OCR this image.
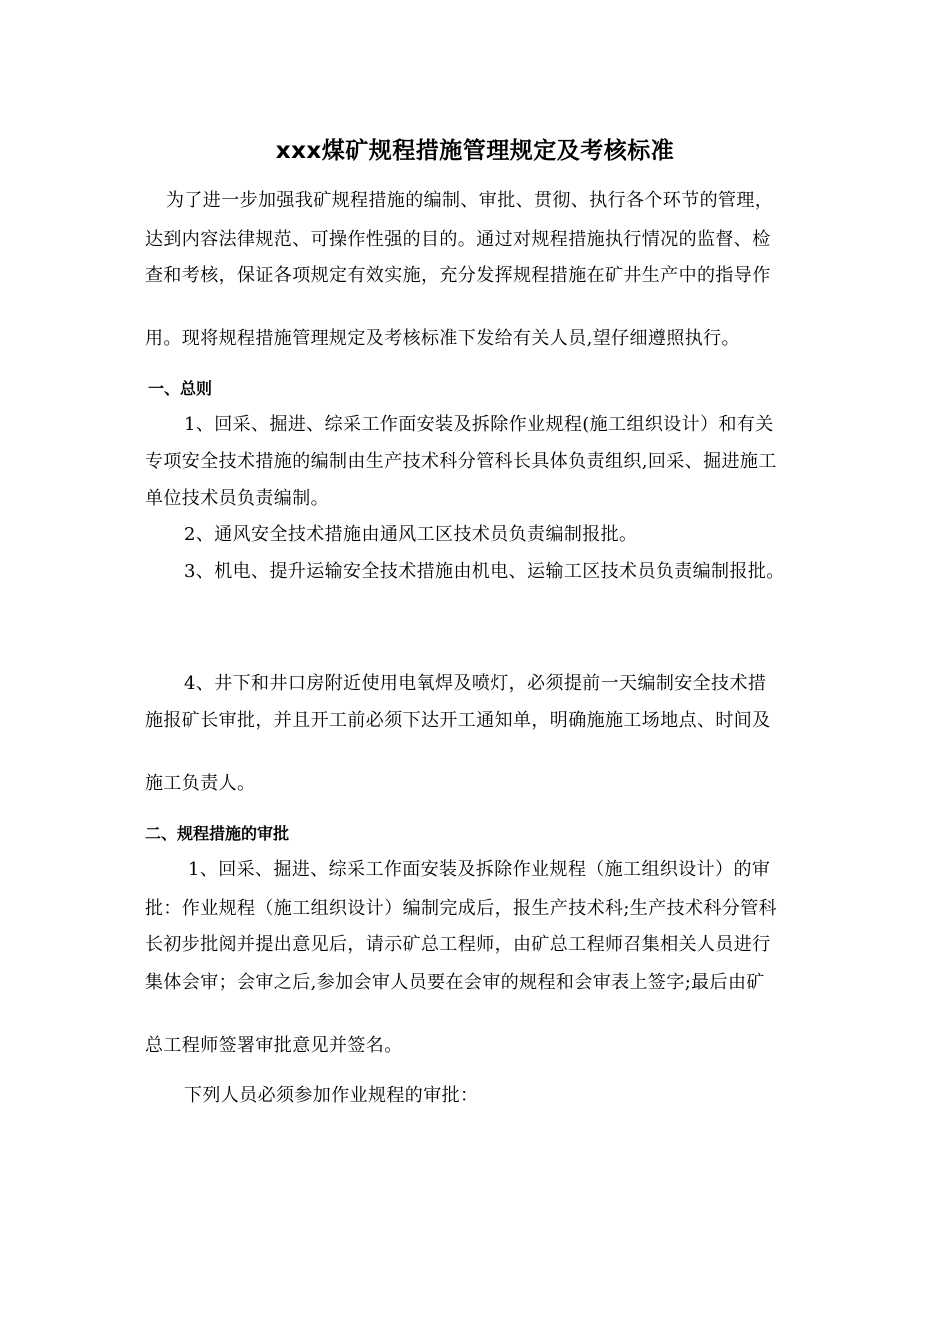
xxx煤矿规程措施管理规定及考核标准
为了进一步加强我矿规程措施的编制、审批、贯彻、执行各个环节的管理，
达到内容法律规范、可操作性强的目的。通过对规程措施执行情况的监督、检
查和考核，保证各项规定有效实施，充分发挥规程措施在矿井生产中的指导作
用。现将规程措施管理规定及考核标准下发给有关人员,望仔细遵照执行。
一、总则
1、回采、掘进、综采工作面安装及拆除作业规程(施工组织设计）和有关
专项安全技术措施的编制由生产技术科分管科长具体负责组织,回采、掘进施工
单位技术员负责编制。
2、通风安全技术措施由通风工区技术员负责编制报批。
3、机电、提升运输安全技术措施由机电、运输工区技术员负责编制报批。
4、井下和井口房附近使用电氧焊及喷灯，必须提前一天编制安全技术措
施报矿长审批，并且开工前必须下达开工通知单，明确施施工场地点、时间及
施工负责人。
二、规程措施的审批
1、回采、掘进、综采工作面安装及拆除作业规程（施工组织设计）的审
批：作业规程（施工组织设计）编制完成后，报生产技术科;生产技术科分管科
长初步批阅并提出意见后，请示矿总工程师，由矿总工程师召集相关人员进行
集体会审；会审之后,参加会审人员要在会审的规程和会审表上签字;最后由矿
总工程师签署审批意见并签名。
下列人员必须参加作业规程的审批：
